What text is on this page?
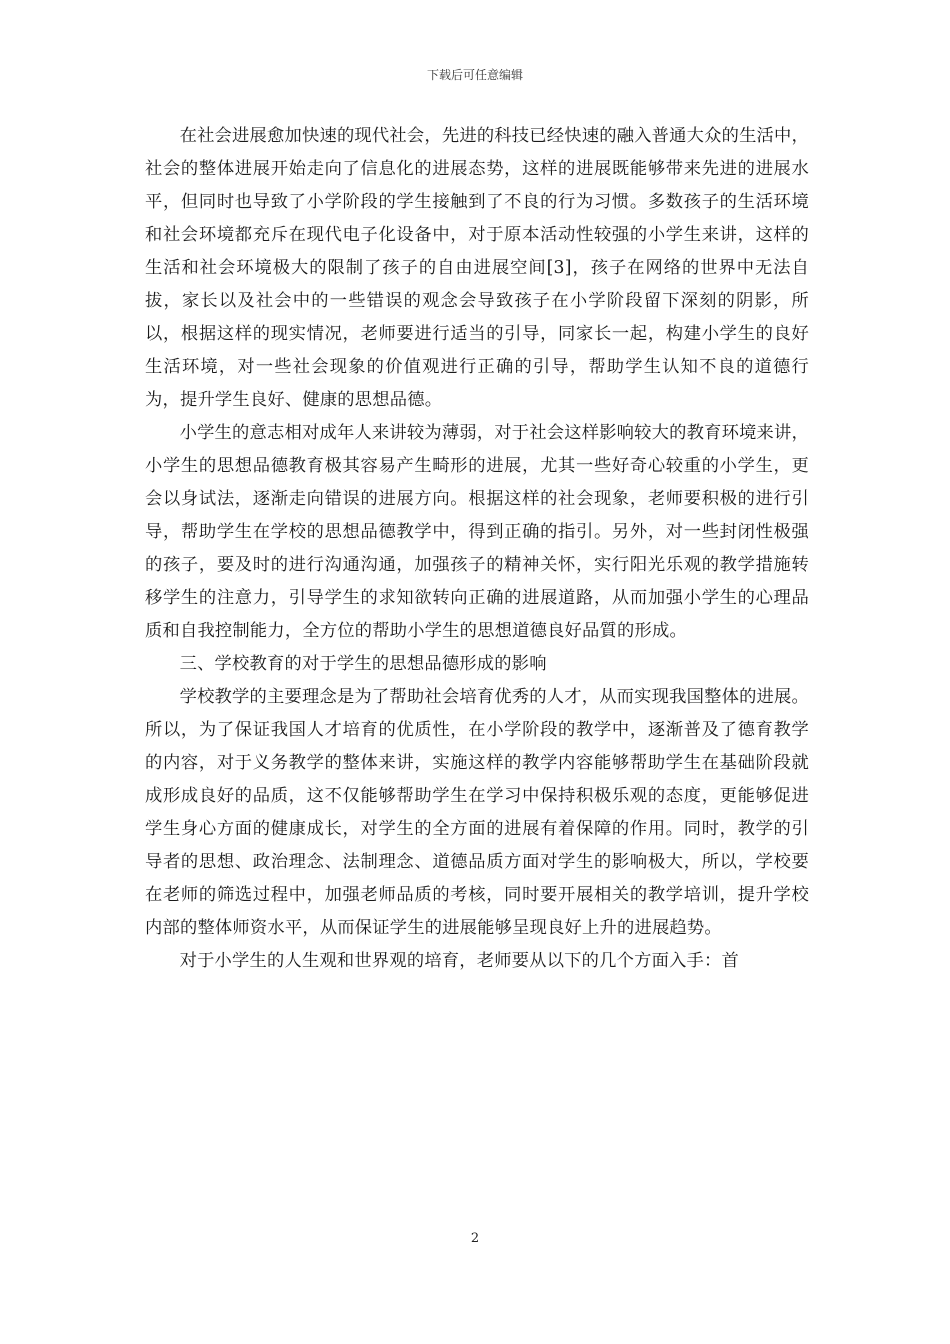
下载后可任意编辑

在社会进展愈加快速的现代社会，先进的科技已经快速的融入普通大众的生活中，社会的整体进展开始走向了信息化的进展态势，这样的进展既能够带来先进的进展水平，但同时也导致了小学阶段的学生接触到了不良的行为习惯。多数孩子的生活环境和社会环境都充斥在现代电子化设备中，对于原本活动性较强的小学生来讲，这样的生活和社会环境极大的限制了孩子的自由进展空间[3]，孩子在网络的世界中无法自拔，家长以及社会中的一些错误的观念会导致孩子在小学阶段留下深刻的阴影，所以，根据这样的现实情况，老师要进行适当的引导，同家长一起，构建小学生的良好生活环境，对一些社会现象的价值观进行正确的引导，帮助学生认知不良的道德行为，提升学生良好、健康的思想品德。

小学生的意志相对成年人来讲较为薄弱，对于社会这样影响较大的教育环境来讲，小学生的思想品德教育极其容易产生畸形的进展，尤其一些好奇心较重的小学生，更会以身试法，逐渐走向错误的进展方向。根据这样的社会现象，老师要积极的进行引导，帮助学生在学校的思想品德教学中，得到正确的指引。另外，对一些封闭性极强的孩子，要及时的进行沟通沟通，加强孩子的精神关怀，实行阳光乐观的教学措施转移学生的注意力，引导学生的求知欲转向正确的进展道路，从而加强小学生的心理品质和自我控制能力，全方位的帮助小学生的思想道德良好品質的形成。

三、学校教育的对于学生的思想品德形成的影响

学校教学的主要理念是为了帮助社会培育优秀的人才，从而实现我国整体的进展。所以，为了保证我国人才培育的优质性，在小学阶段的教学中，逐渐普及了德育教学的内容，对于义务教学的整体来讲，实施这样的教学内容能够帮助学生在基础阶段就成形成良好的品质，这不仅能够帮助学生在学习中保持积极乐观的态度，更能够促进学生身心方面的健康成长，对学生的全方面的进展有着保障的作用。同时，教学的引导者的思想、政治理念、法制理念、道德品质方面对学生的影响极大，所以，学校要在老师的筛选过程中，加强老师品质的考核，同时要开展相关的教学培训，提升学校内部的整体师资水平，从而保证学生的进展能够呈现良好上升的进展趋势。

对于小学生的人生观和世界观的培育，老师要从以下的几个方面入手：首

2
